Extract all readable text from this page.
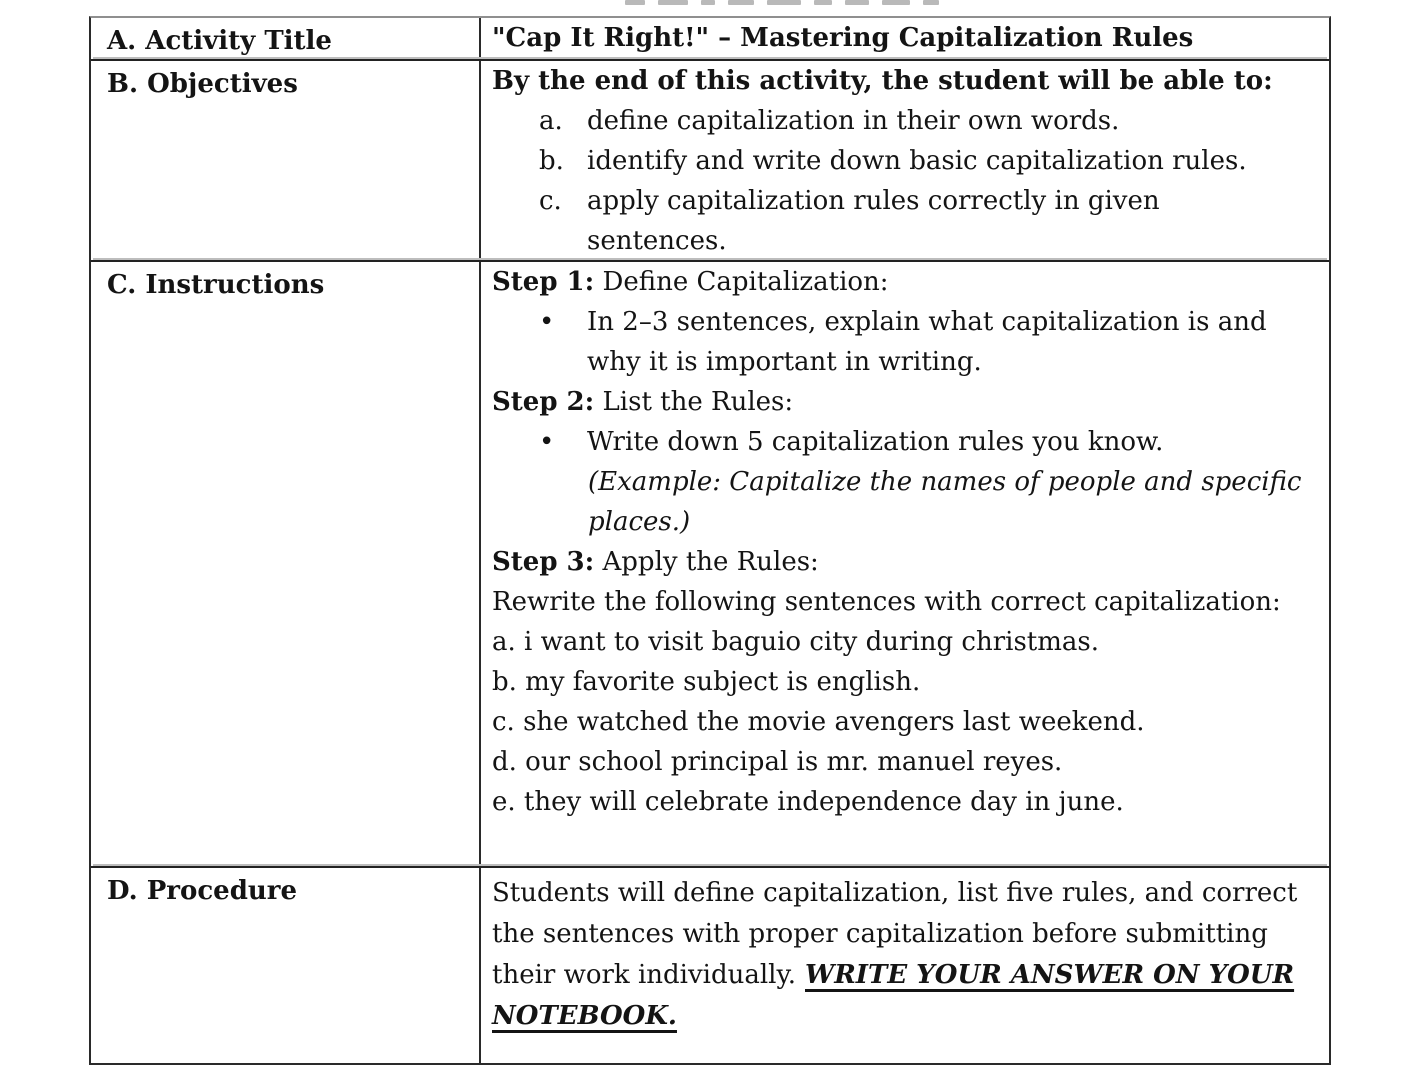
A. Activity Title	"Cap It Right!" – Mastering Capitalization Rules
B. Objectives	By the end of this activity, the student will be able to:
a. define capitalization in their own words.
b. identify and write down basic capitalization rules.
c. apply capitalization rules correctly in given sentences.
C. Instructions	Step 1: Define Capitalization:
•	In 2–3 sentences, explain what capitalization is and why it is important in writing.
Step 2: List the Rules:
•	Write down 5 capitalization rules you know.
(Example: Capitalize the names of people and specific places.)
Step 3: Apply the Rules:
Rewrite the following sentences with correct capitalization:
a. i want to visit baguio city during christmas.
b. my favorite subject is english.
c. she watched the movie avengers last weekend.
d. our school principal is mr. manuel reyes.
e. they will celebrate independence day in june.
D. Procedure	Students will define capitalization, list five rules, and correct the sentences with proper capitalization before submitting their work individually. WRITE YOUR ANSWER ON YOUR NOTEBOOK.
